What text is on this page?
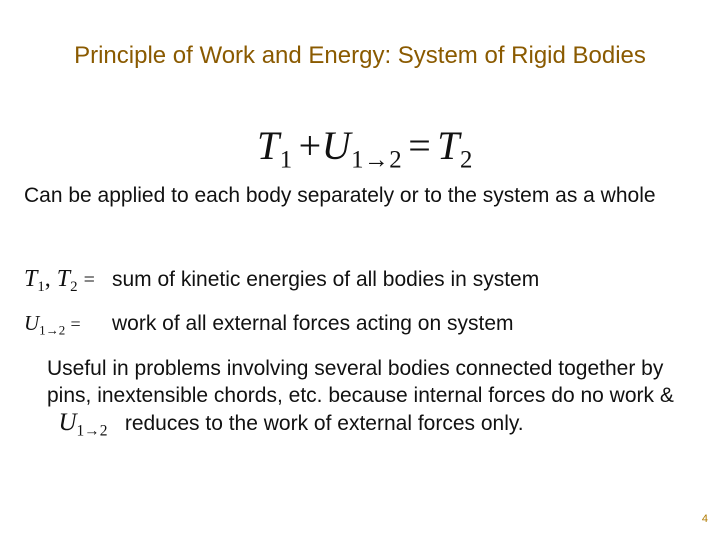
Principle of Work and Energy: System of Rigid Bodies
$T_1 +U_{1\to 2} = T_2$
Can be applied to each body separately or to the system as a whole
$T_1$, $T_2$ = sum of kinetic energies of all bodies in system
$U_{1\to 2}$ = work of all external forces acting on system
Useful in problems involving several bodies connected together by pins, inextensible chords, etc. because internal forces do no work & $U_{1\to 2}$ reduces to the work of external forces only.
4
